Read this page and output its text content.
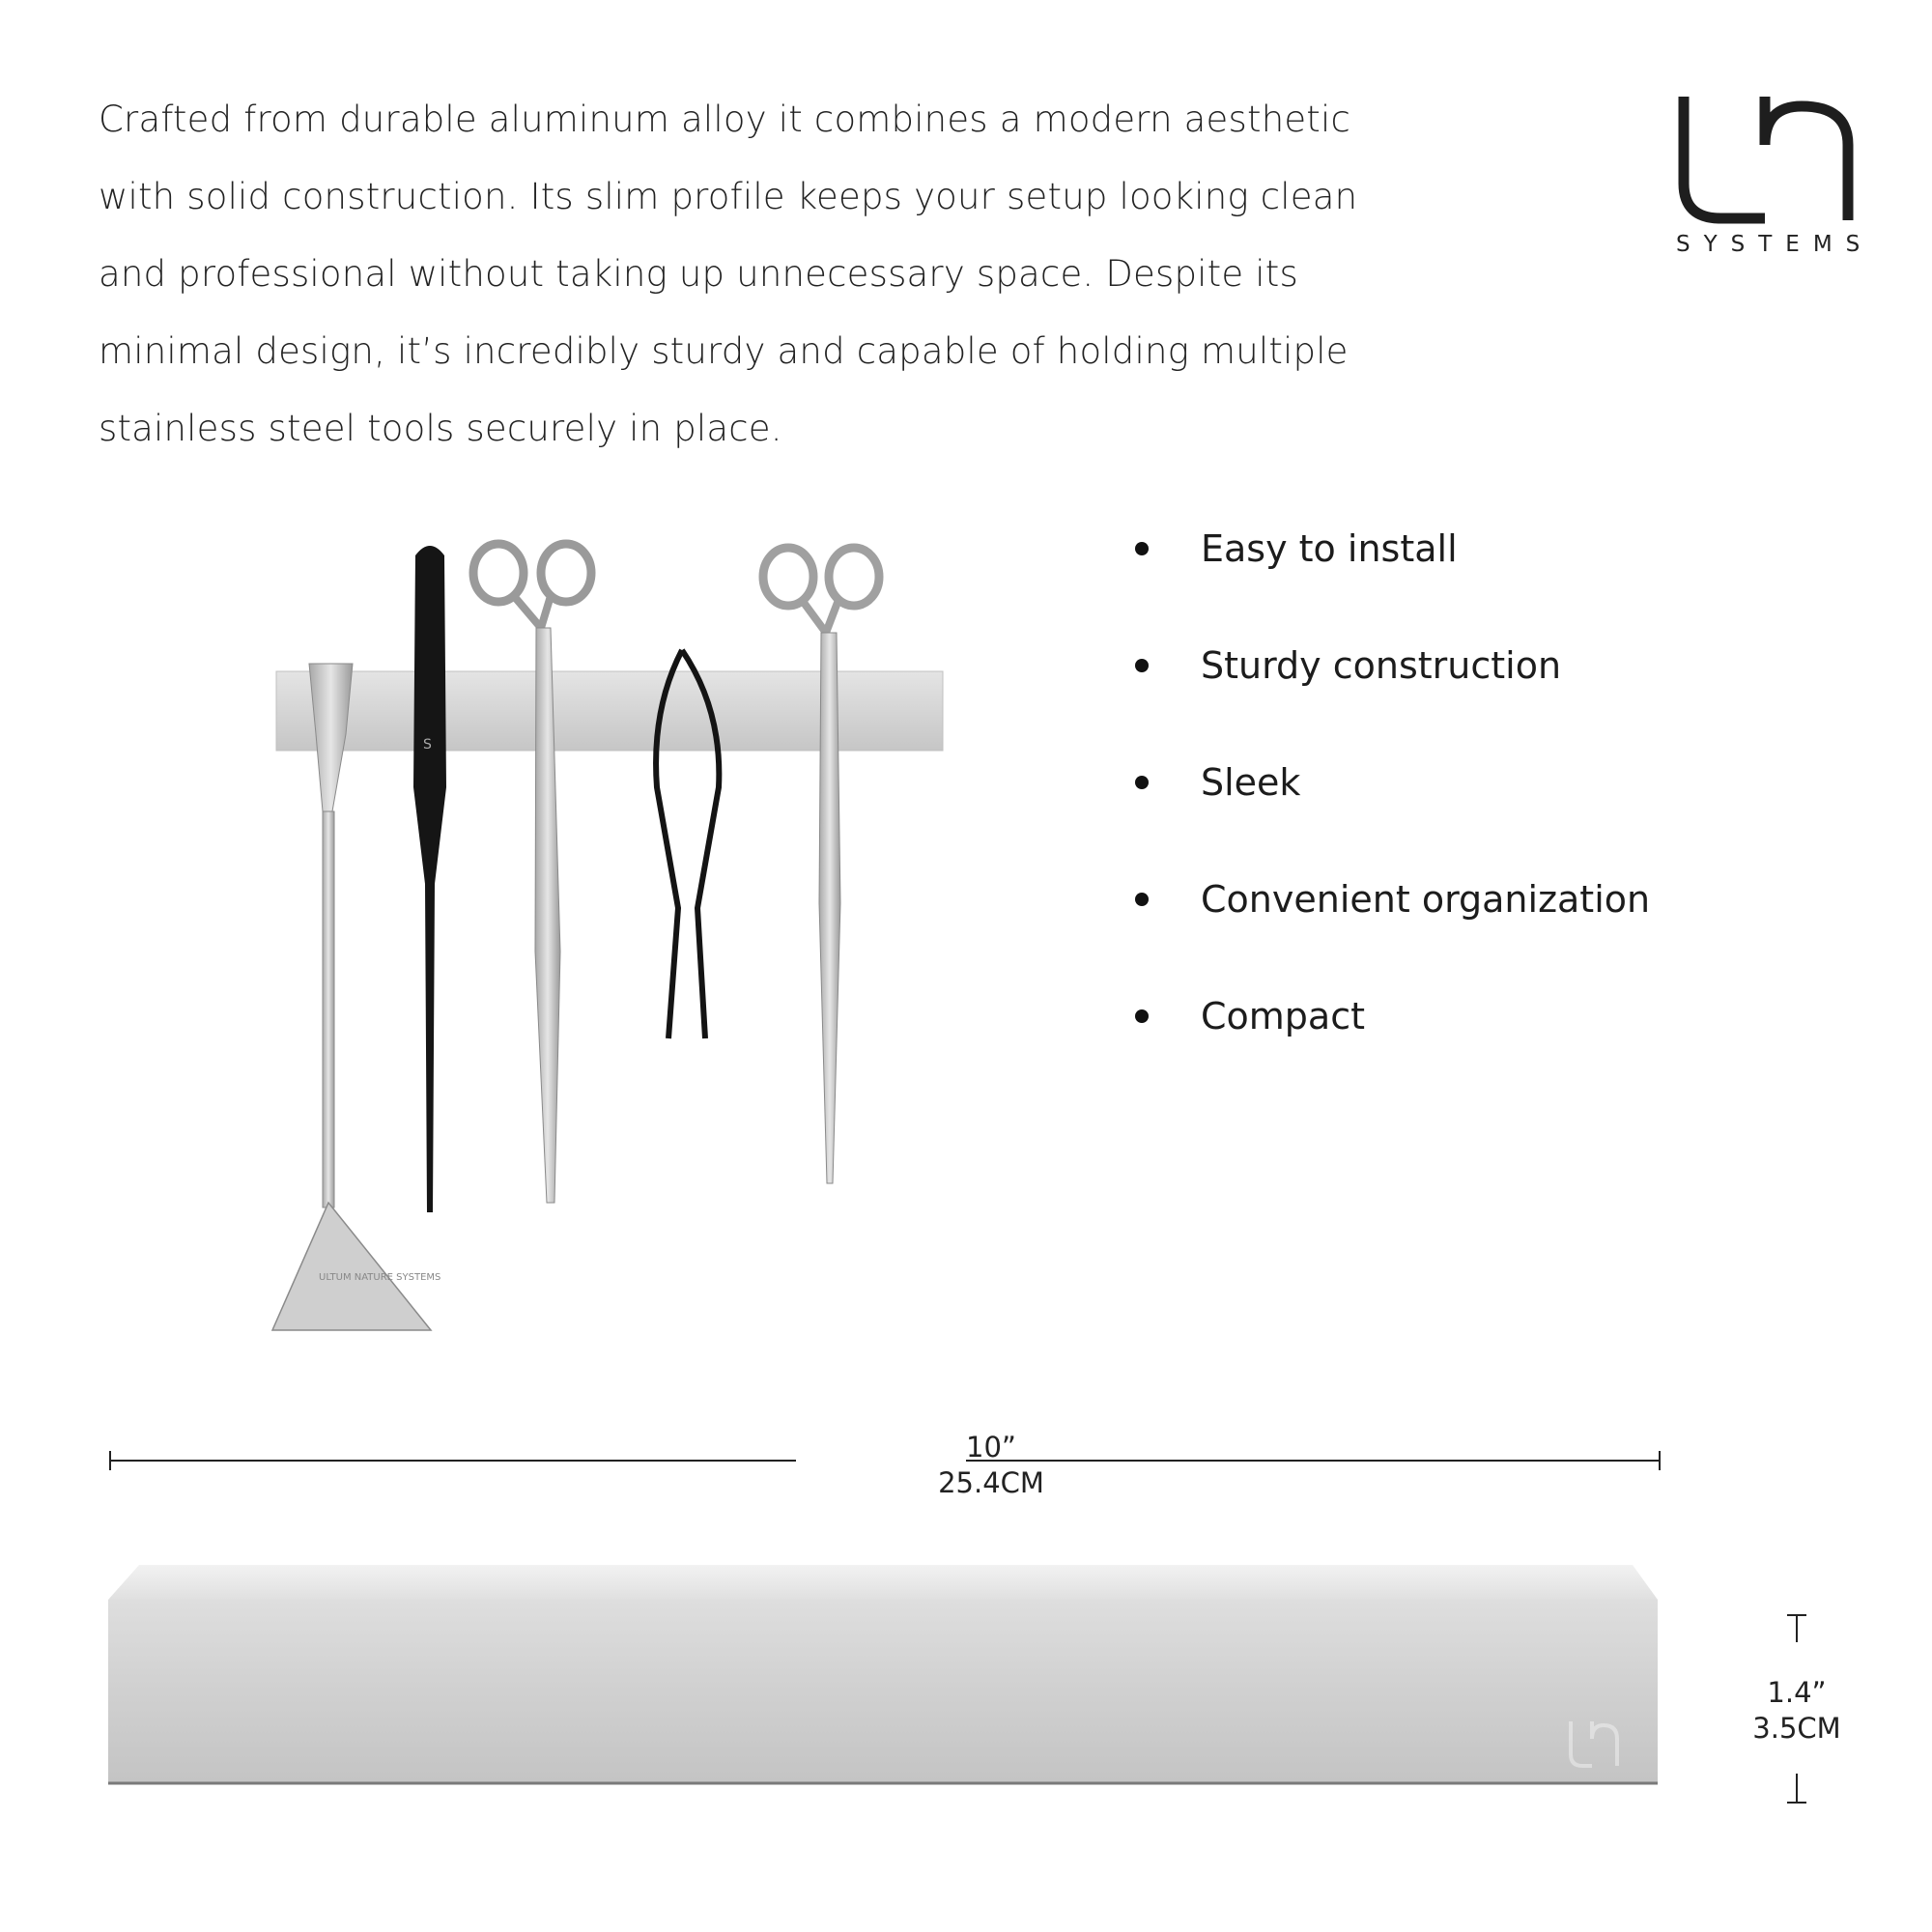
Crafted from durable aluminum alloy it combines a modern aesthetic with solid construction. Its slim profile keeps your setup looking clean and professional without taking up unnecessary space. Despite its minimal design, it’s incredibly sturdy and capable of holding multiple stainless steel tools securely in place.

SYSTEMS
Easy to install
Sturdy construction
Sleek
Convenient organization
Compact
ULTUM NATURE SYSTEMS
S
10”
25.4CM
1.4”
3.5CM
